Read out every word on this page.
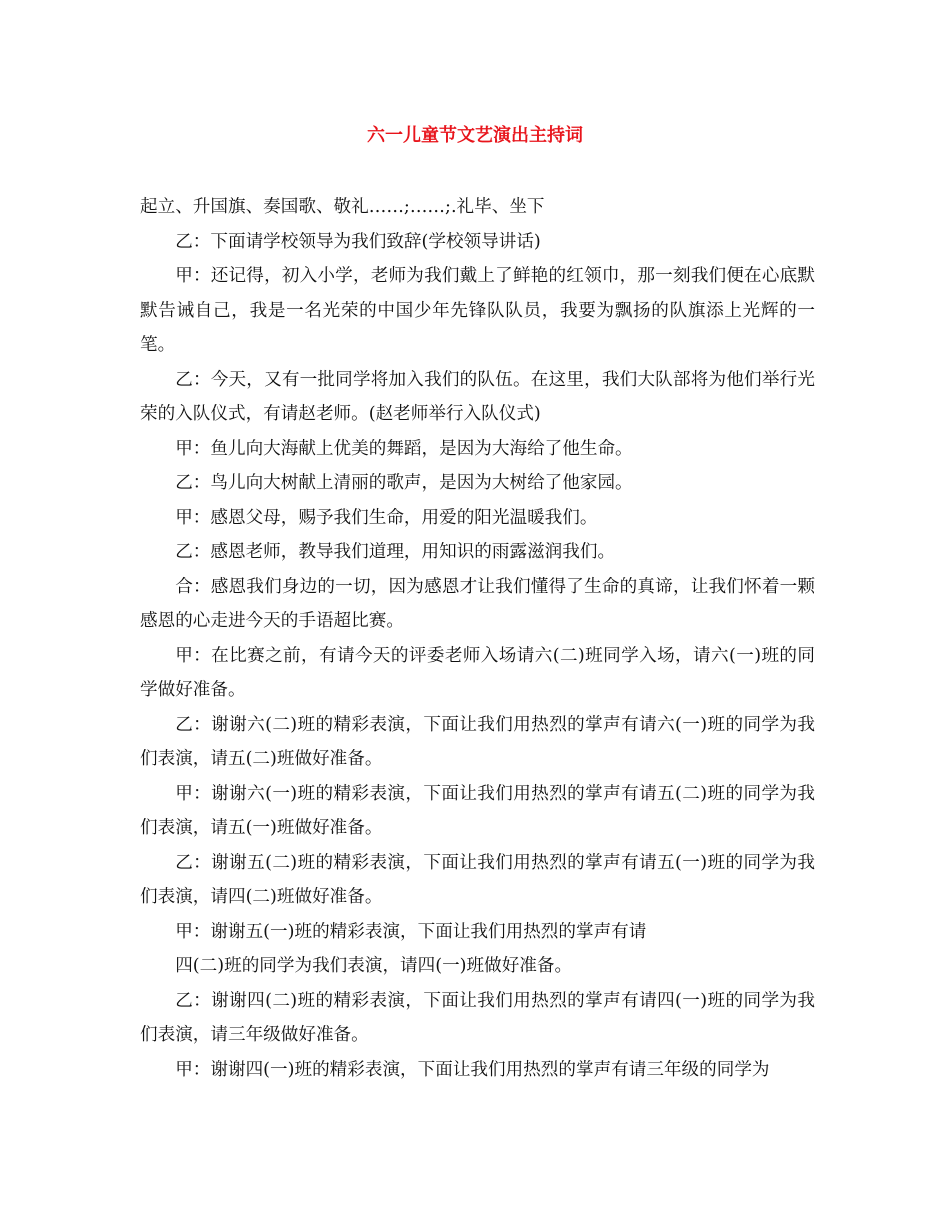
六一儿童节文艺演出主持词

起立、升国旗、奏国歌、敬礼……;……;.礼毕、坐下

乙：下面请学校领导为我们致辞(学校领导讲话)

甲：还记得，初入小学，老师为我们戴上了鲜艳的红领巾，那一刻我们便在心底默默告诫自己，我是一名光荣的中国少年先锋队队员，我要为飘扬的队旗添上光辉的一笔。

乙：今天，又有一批同学将加入我们的队伍。在这里，我们大队部将为他们举行光荣的入队仪式，有请赵老师。(赵老师举行入队仪式)

甲：鱼儿向大海献上优美的舞蹈，是因为大海给了他生命。

乙：鸟儿向大树献上清丽的歌声，是因为大树给了他家园。

甲：感恩父母，赐予我们生命，用爱的阳光温暖我们。

乙：感恩老师，教导我们道理，用知识的雨露滋润我们。

合：感恩我们身边的一切，因为感恩才让我们懂得了生命的真谛，让我们怀着一颗感恩的心走进今天的手语超比赛。

甲：在比赛之前，有请今天的评委老师入场请六(二)班同学入场，请六(一)班的同学做好准备。

乙：谢谢六(二)班的精彩表演，下面让我们用热烈的掌声有请六(一)班的同学为我们表演，请五(二)班做好准备。

甲：谢谢六(一)班的精彩表演，下面让我们用热烈的掌声有请五(二)班的同学为我们表演，请五(一)班做好准备。

乙：谢谢五(二)班的精彩表演，下面让我们用热烈的掌声有请五(一)班的同学为我们表演，请四(二)班做好准备。

甲：谢谢五(一)班的精彩表演，下面让我们用热烈的掌声有请

四(二)班的同学为我们表演，请四(一)班做好准备。

乙：谢谢四(二)班的精彩表演，下面让我们用热烈的掌声有请四(一)班的同学为我们表演，请三年级做好准备。

甲：谢谢四(一)班的精彩表演，下面让我们用热烈的掌声有请三年级的同学为
